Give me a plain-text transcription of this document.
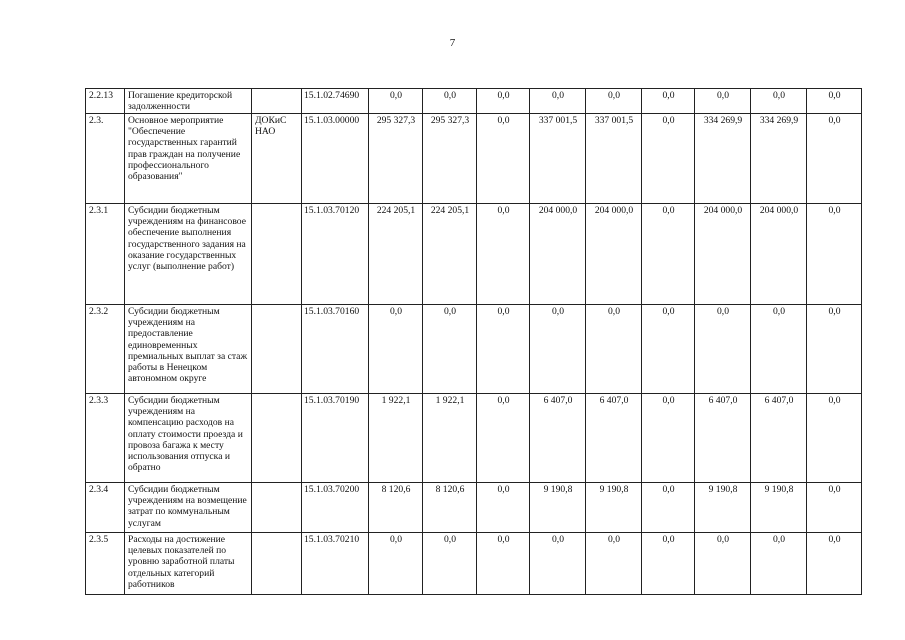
7
2.2.13	Погашение кредиторской задолженности		15.1.02.74690	0,0	0,0	0,0	0,0	0,0	0,0	0,0	0,0	0,0
2.3.	Основное мероприятие "Обеспечение государственных гарантий прав граждан на получение профессионального образования"	ДОКиС НАО	15.1.03.00000	295 327,3	295 327,3	0,0	337 001,5	337 001,5	0,0	334 269,9	334 269,9	0,0
2.3.1	Субсидии бюджетным учреждениям на финансовое обеспечение выполнения государственного задания на оказание государственных услуг (выполнение работ)		15.1.03.70120	224 205,1	224 205,1	0,0	204 000,0	204 000,0	0,0	204 000,0	204 000,0	0,0
2.3.2	Субсидии бюджетным учреждениям на предоставление единовременных премиальных выплат за стаж работы в Ненецком автономном округе		15.1.03.70160	0,0	0,0	0,0	0,0	0,0	0,0	0,0	0,0	0,0
2.3.3	Субсидии бюджетным учреждениям на компенсацию расходов на оплату стоимости проезда и провоза багажа к месту использования отпуска и обратно		15.1.03.70190	1 922,1	1 922,1	0,0	6 407,0	6 407,0	0,0	6 407,0	6 407,0	0,0
2.3.4	Субсидии бюджетным учреждениям на возмещение затрат по коммунальным услугам		15.1.03.70200	8 120,6	8 120,6	0,0	9 190,8	9 190,8	0,0	9 190,8	9 190,8	0,0
2.3.5	Расходы на достижение целевых показателей по уровню заработной платы отдельных категорий работников		15.1.03.70210	0,0	0,0	0,0	0,0	0,0	0,0	0,0	0,0	0,0
